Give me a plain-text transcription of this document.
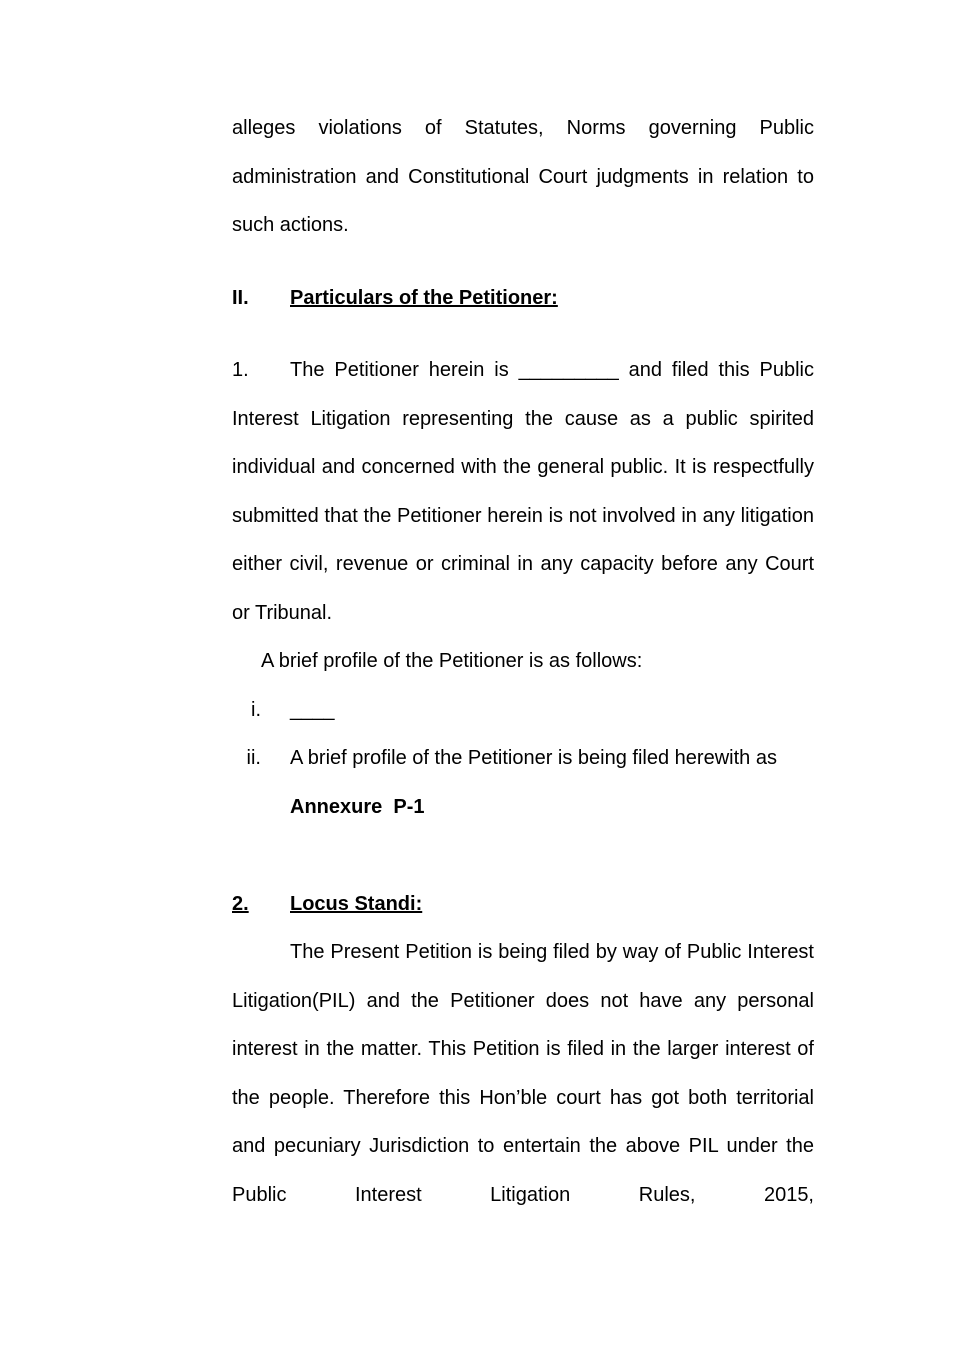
alleges violations of Statutes, Norms governing Public administration and Constitutional Court judgments in relation to such actions.

II.	Particulars of the Petitioner:

1. The Petitioner herein is _________ and filed this Public Interest Litigation representing the cause as a public spirited individual and concerned with the general public. It is respectfully submitted that the Petitioner herein is not involved in any litigation either civil, revenue or criminal in any capacity before any Court or Tribunal.

A brief profile of the Petitioner is as follows:

i.	____
ii.	A brief profile of the Petitioner is being filed herewith as
Annexure  P-1
2.	Locus Standi:

The Present Petition is being filed by way of Public Interest Litigation(PIL) and the Petitioner does not have any personal interest in the matter. This Petition is filed in the larger interest of the people. Therefore this Hon’ble court has got both territorial and pecuniary Jurisdiction to entertain the above PIL under the Public Interest Litigation Rules, 2015,
